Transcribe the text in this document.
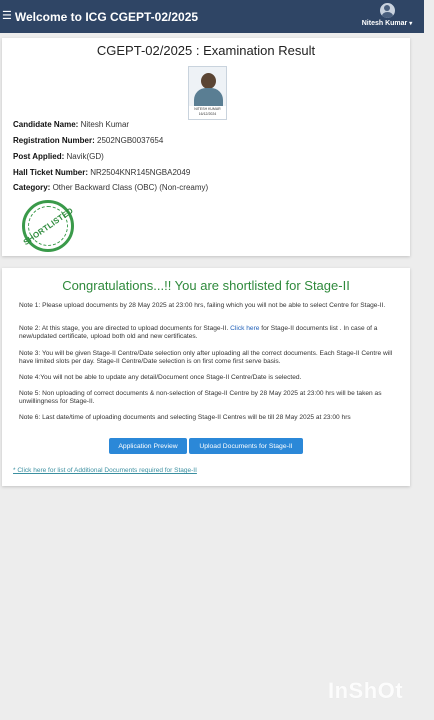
☰ Welcome to ICG CGEPT-02/2025	Nitesh Kumar ▾
CGEPT-02/2025 : Examination Result
NITESH KUMAR
16/12/2024
Candidate Name: Nitesh Kumar
Registration Number: 2502NGB0037654
Post Applied: Navik(GD)
Hall Ticket Number: NR2504KNR145NGBA2049
Category: Other Backward Class (OBC) (Non-creamy)
SHORTLISTED
Congratulations...!! You are shortlisted for Stage-II
Note 1: Please upload documents by 28 May 2025 at 23:00 hrs, failing which you will not be able to select Centre for Stage-II.
Note 2: At this stage, you are directed to upload documents for Stage-II. Click here for Stage-II documents list . In case of a new/updated certificate, upload both old and new certificates.
Note 3: You will be given Stage-II Centre/Date selection only after uploading all the correct documents. Each Stage-II Centre will have limited slots per day. Stage-II Centre/Date selection is on first come first serve basis.
Note 4:You will not be able to update any detail/Document once Stage-II Centre/Date is selected.
Note 5: Non uploading of correct documents & non-selection of Stage-II Centre by 28 May 2025 at 23:00 hrs will be taken as unwillingness for Stage-II.
Note 6: Last date/time of uploading documents and selecting Stage-II Centres will be till 28 May 2025 at 23:00 hrs
Application Preview	Upload Documents for Stage-II
* Click here for list of Additional Documents required for Stage-II
InShOt
